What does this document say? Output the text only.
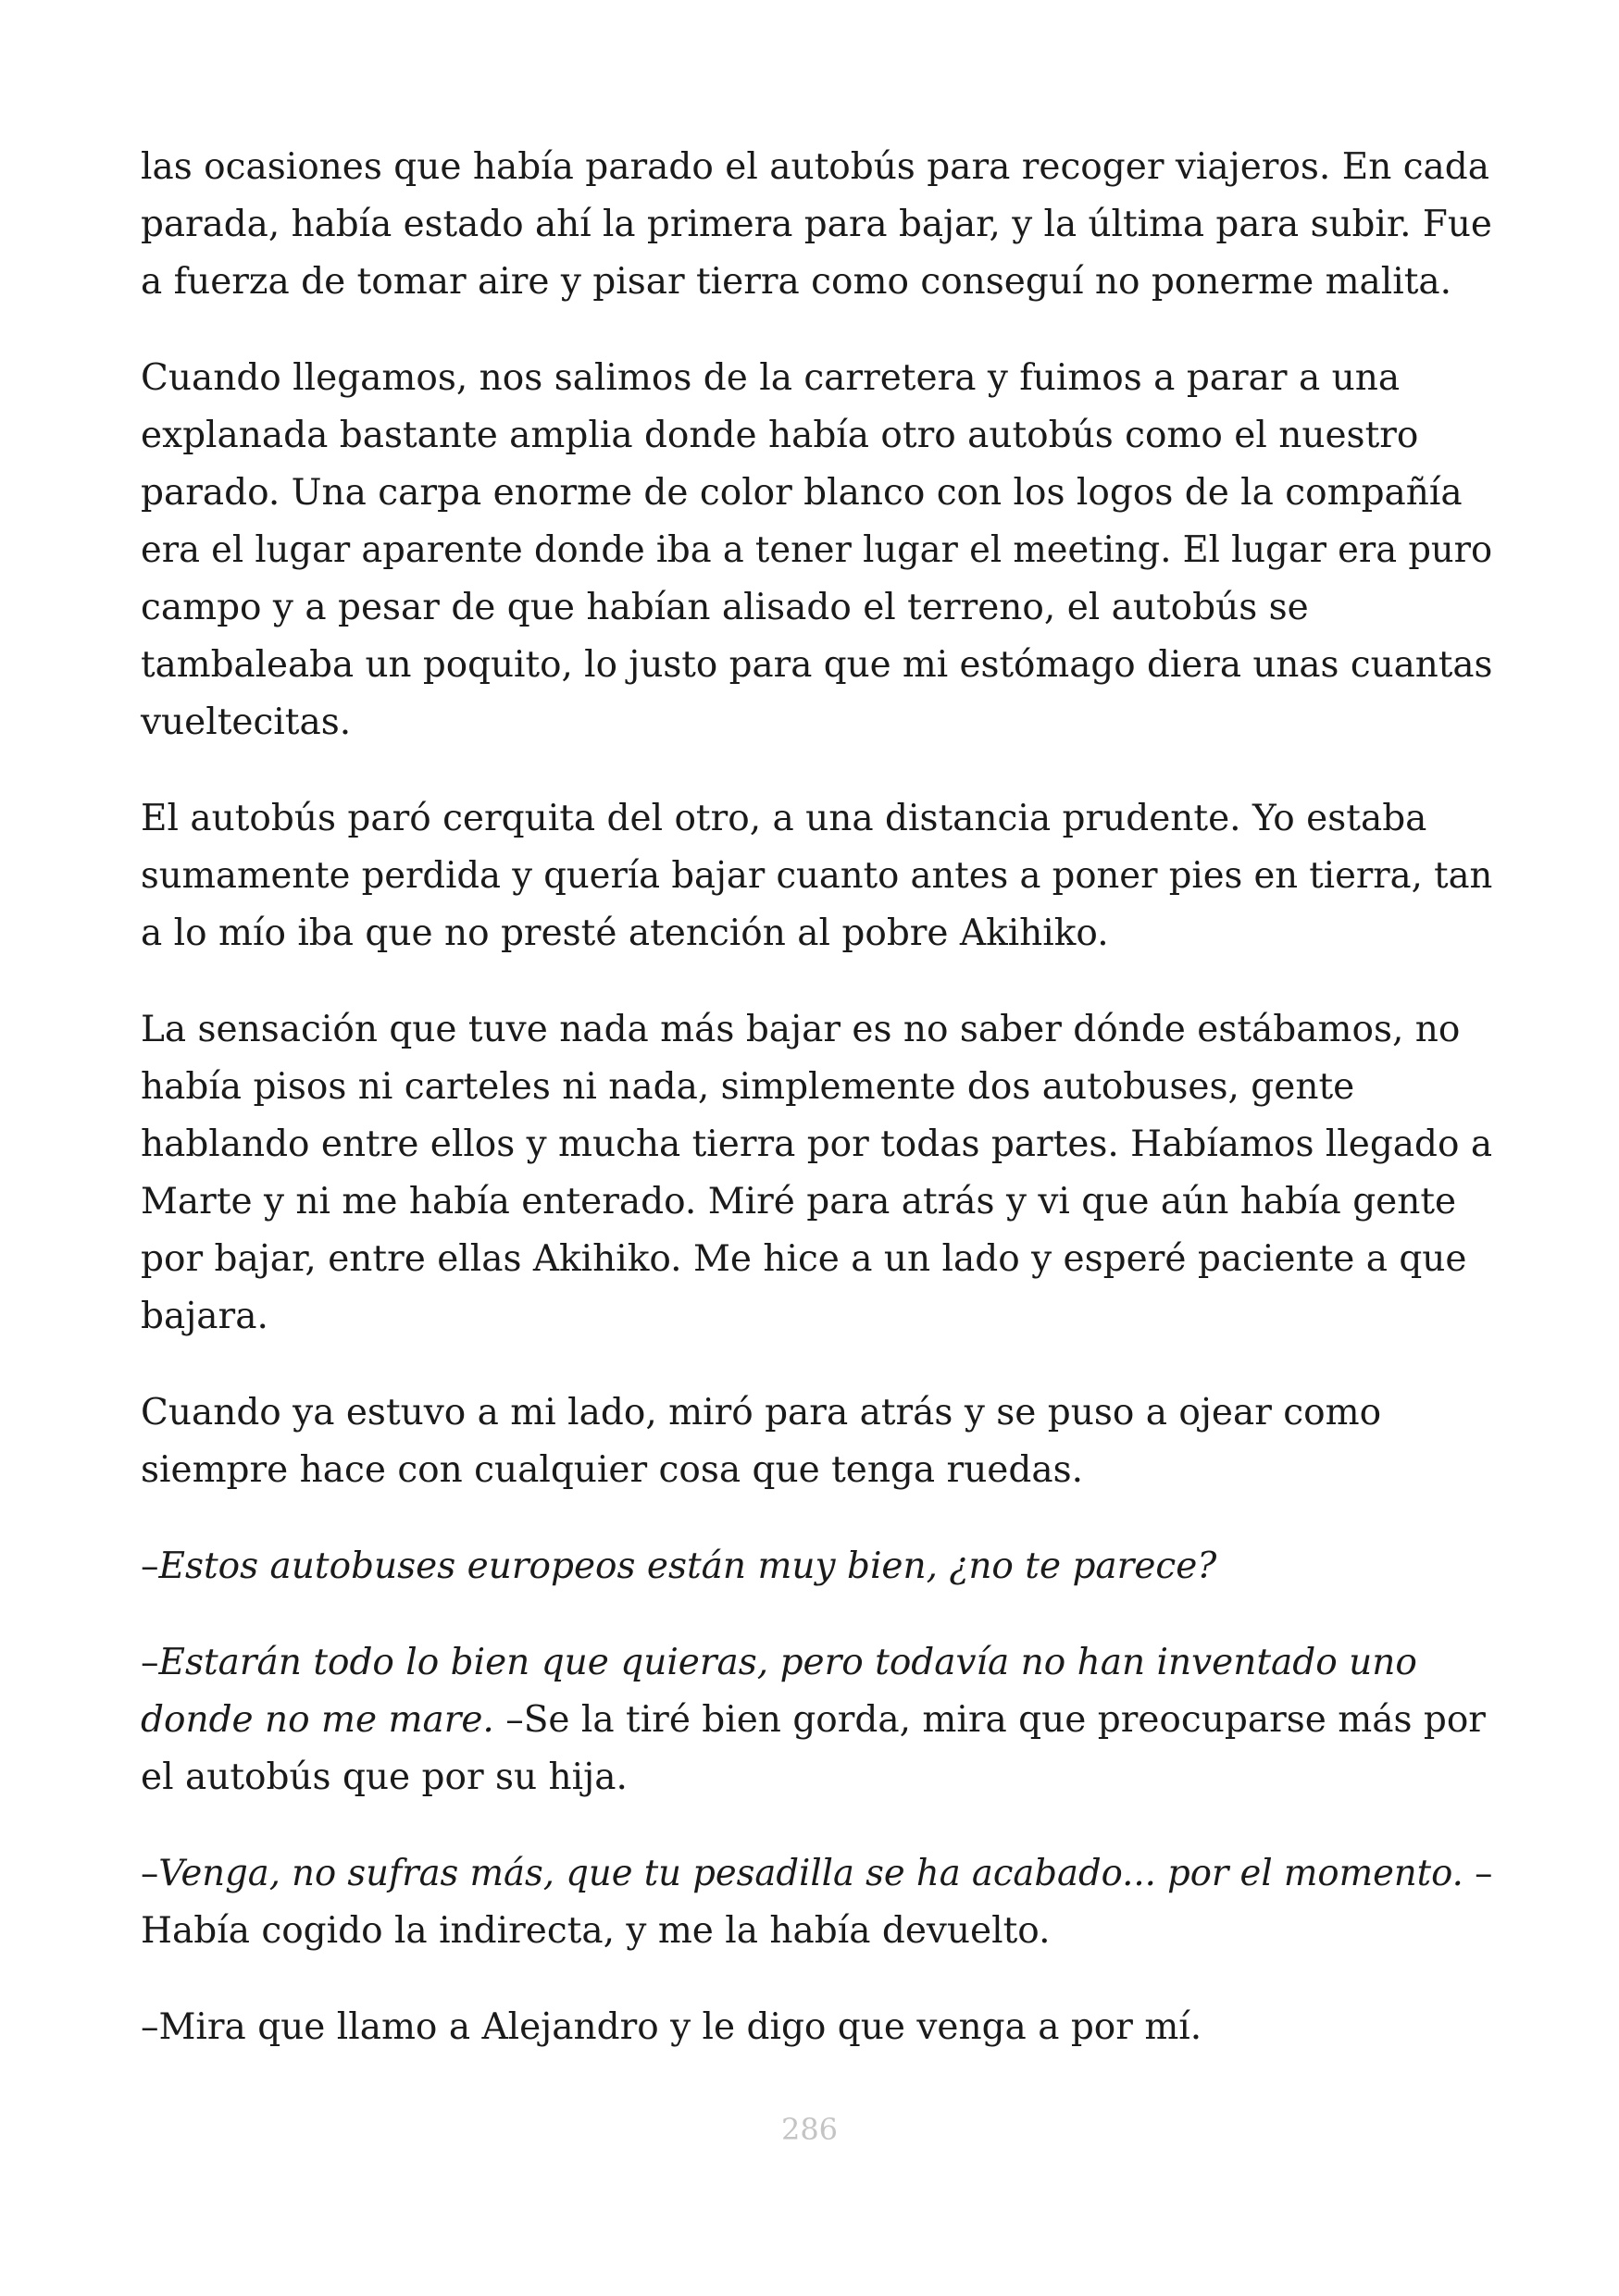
las ocasiones que había parado el autobús para recoger viajeros. En cada
parada, había estado ahí la primera para bajar, y la última para subir. Fue
a fuerza de tomar aire y pisar tierra como conseguí no ponerme malita.

Cuando llegamos, nos salimos de la carretera y fuimos a parar a una
explanada bastante amplia donde había otro autobús como el nuestro
parado. Una carpa enorme de color blanco con los logos de la compañía
era el lugar aparente donde iba a tener lugar el meeting. El lugar era puro
campo y a pesar de que habían alisado el terreno, el autobús se
tambaleaba un poquito, lo justo para que mi estómago diera unas cuantas
vueltecitas.

El autobús paró cerquita del otro, a una distancia prudente. Yo estaba
sumamente perdida y quería bajar cuanto antes a poner pies en tierra, tan
a lo mío iba que no presté atención al pobre Akihiko.

La sensación que tuve nada más bajar es no saber dónde estábamos, no
había pisos ni carteles ni nada, simplemente dos autobuses, gente
hablando entre ellos y mucha tierra por todas partes. Habíamos llegado a
Marte y ni me había enterado. Miré para atrás y vi que aún había gente
por bajar, entre ellas Akihiko. Me hice a un lado y esperé paciente a que
bajara.

Cuando ya estuvo a mi lado, miró para atrás y se puso a ojear como
siempre hace con cualquier cosa que tenga ruedas.

–Estos autobuses europeos están muy bien, ¿no te parece?

–Estarán todo lo bien que quieras, pero todavía no han inventado uno
donde no me mare. –Se la tiré bien gorda, mira que preocuparse más por
el autobús que por su hija.

–Venga, no sufras más, que tu pesadilla se ha acabado... por el momento. –
Había cogido la indirecta, y me la había devuelto.

–Mira que llamo a Alejandro y le digo que venga a por mí.

286
